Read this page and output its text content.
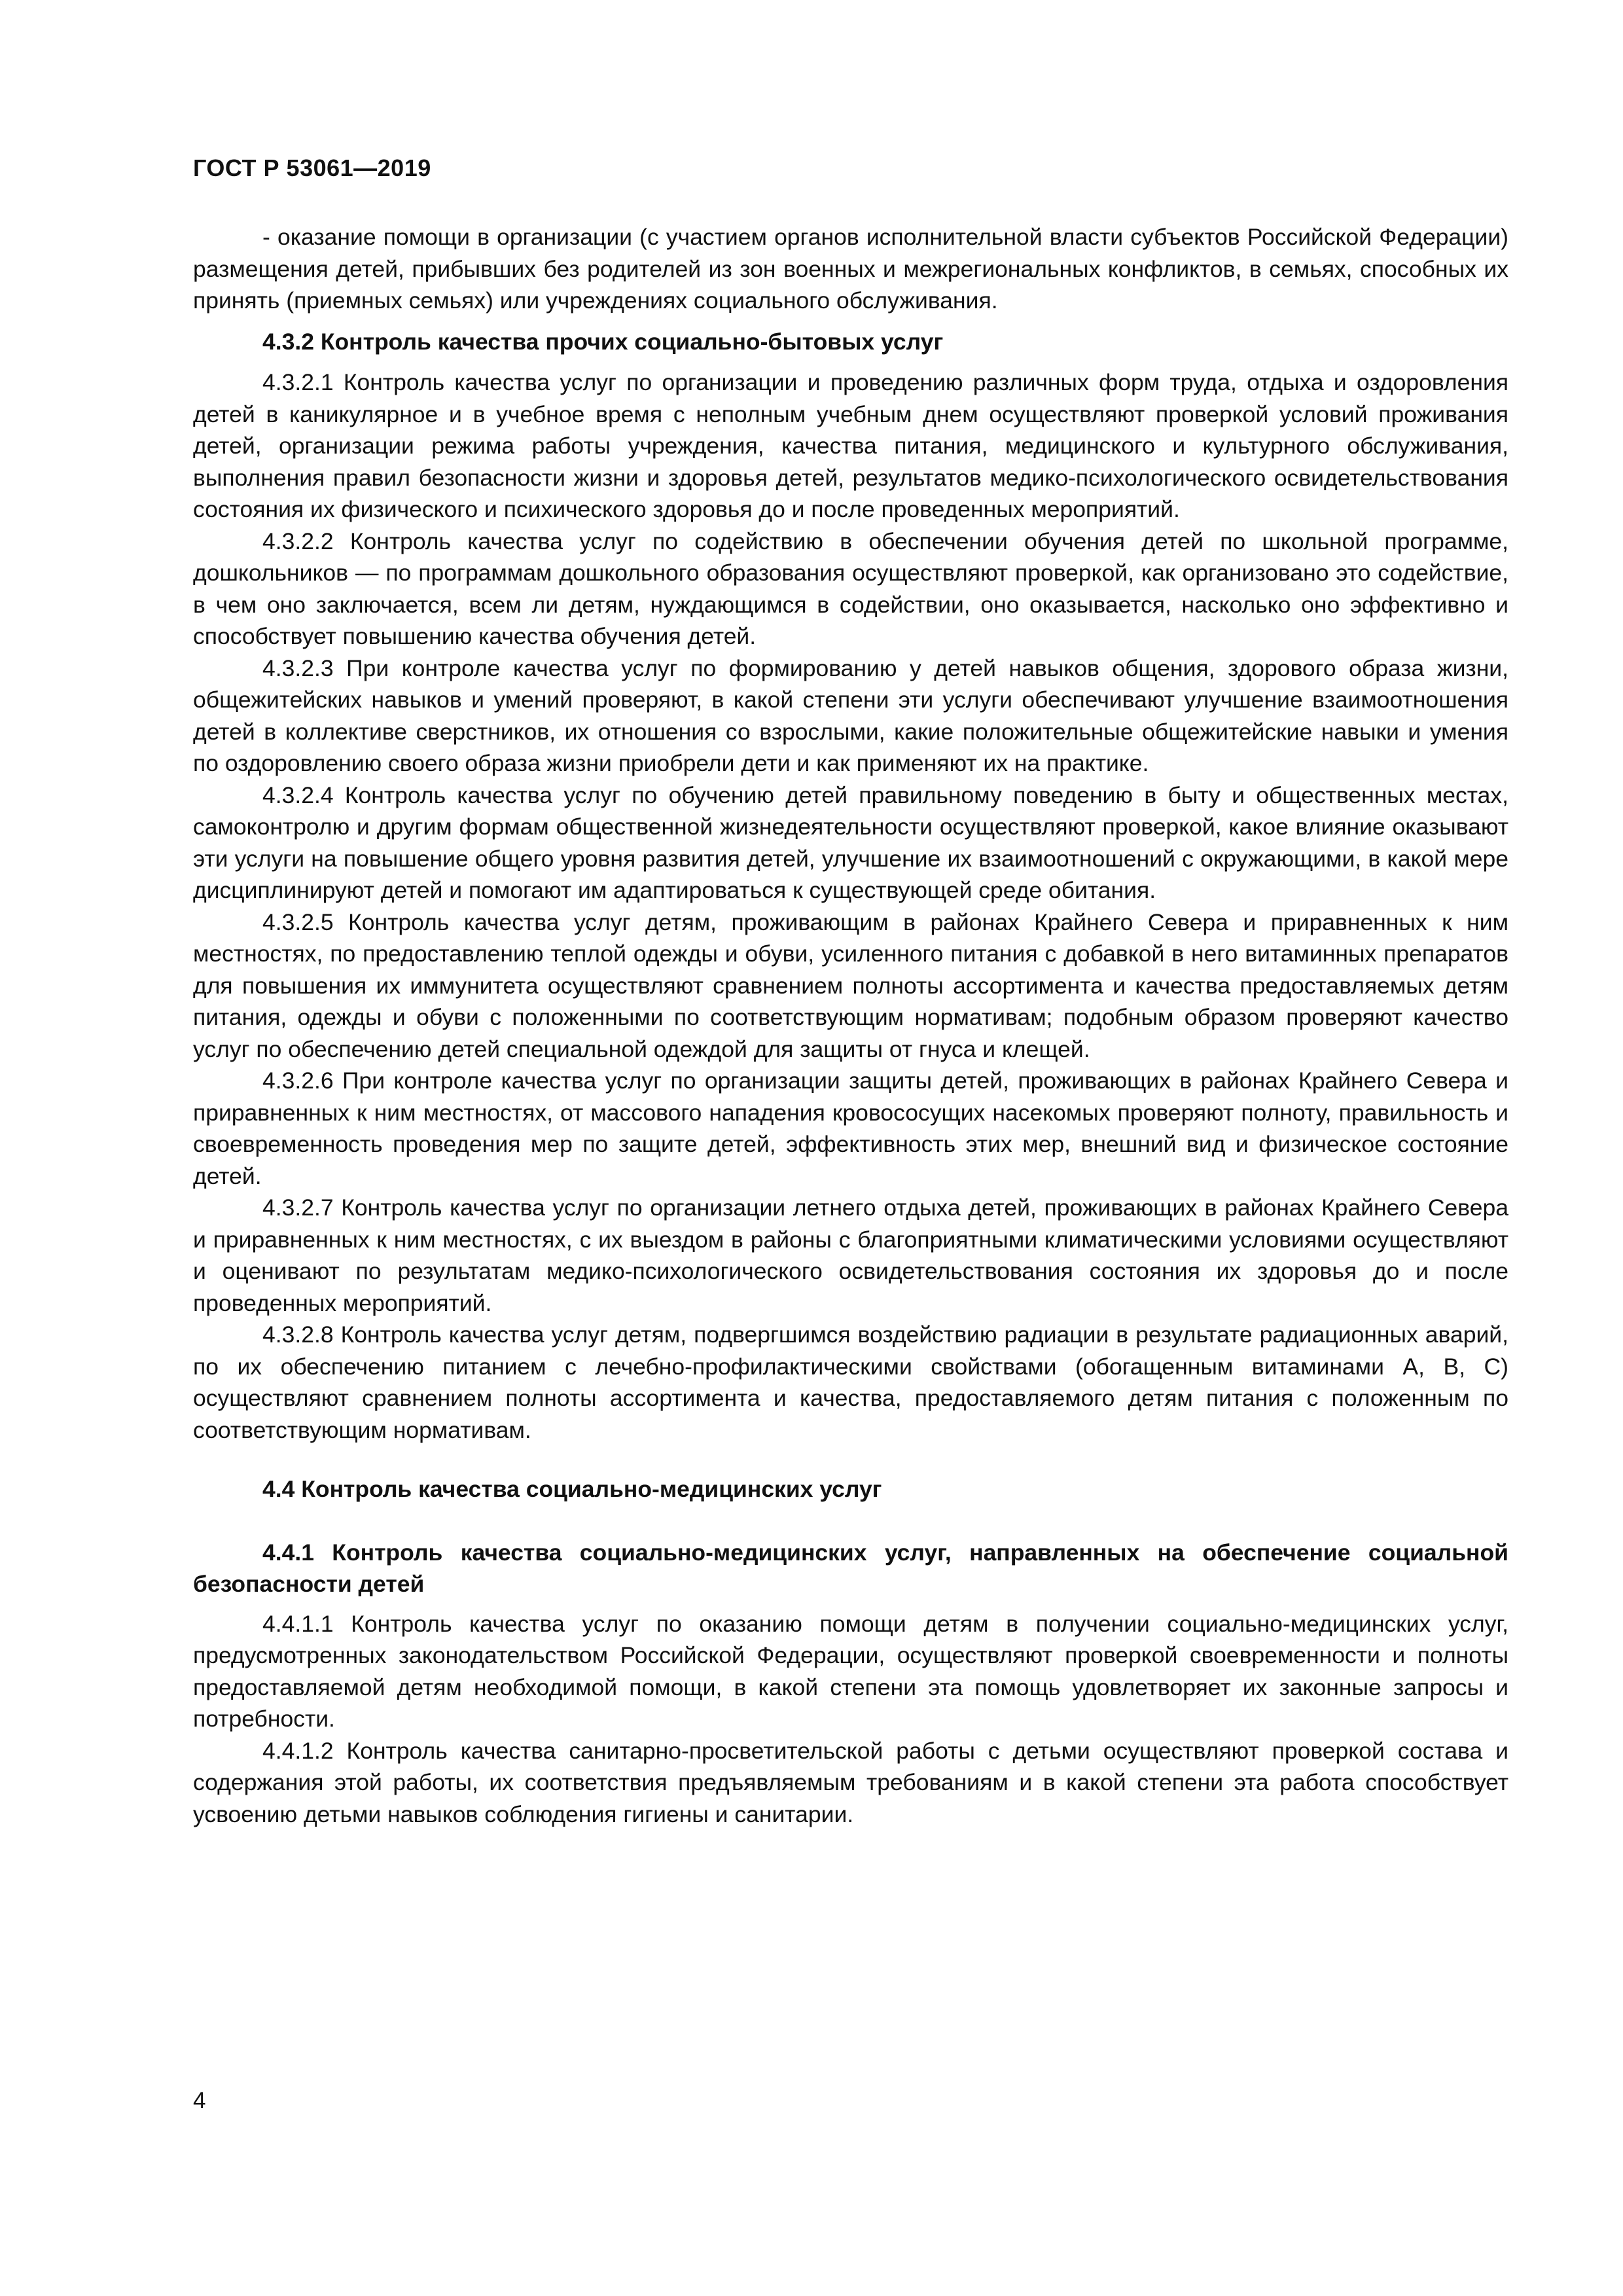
ГОСТ Р 53061—2019

- оказание помощи в организации (с участием органов исполнительной власти субъектов Российской Федерации) размещения детей, прибывших без родителей из зон военных и межрегиональных конфликтов, в семьях, способных их принять (приемных семьях) или учреждениях социального обслуживания.

4.3.2 Контроль качества прочих социально-бытовых услуг

4.3.2.1 Контроль качества услуг по организации и проведению различных форм труда, отдыха и оздоровления детей в каникулярное и в учебное время с неполным учебным днем осуществляют проверкой условий проживания детей, организации режима работы учреждения, качества питания, медицинского и культурного обслуживания, выполнения правил безопасности жизни и здоровья детей, результатов медико-психологического освидетельствования состояния их физического и психического здоровья до и после проведенных мероприятий.

4.3.2.2 Контроль качества услуг по содействию в обеспечении обучения детей по школьной программе, дошкольников — по программам дошкольного образования осуществляют проверкой, как организовано это содействие, в чем оно заключается, всем ли детям, нуждающимся в содействии, оно оказывается, насколько оно эффективно и способствует повышению качества обучения детей.

4.3.2.3 При контроле качества услуг по формированию у детей навыков общения, здорового образа жизни, общежитейских навыков и умений проверяют, в какой степени эти услуги обеспечивают улучшение взаимоотношения детей в коллективе сверстников, их отношения со взрослыми, какие положительные общежитейские навыки и умения по оздоровлению своего образа жизни приобрели дети и как применяют их на практике.

4.3.2.4 Контроль качества услуг по обучению детей правильному поведению в быту и общественных местах, самоконтролю и другим формам общественной жизнедеятельности осуществляют проверкой, какое влияние оказывают эти услуги на повышение общего уровня развития детей, улучшение их взаимоотношений с окружающими, в какой мере дисциплинируют детей и помогают им адаптироваться к существующей среде обитания.

4.3.2.5 Контроль качества услуг детям, проживающим в районах Крайнего Севера и приравненных к ним местностях, по предоставлению теплой одежды и обуви, усиленного питания с добавкой в него витаминных препаратов для повышения их иммунитета осуществляют сравнением полноты ассортимента и качества предоставляемых детям питания, одежды и обуви с положенными по соответствующим нормативам; подобным образом проверяют качество услуг по обеспечению детей специальной одеждой для защиты от гнуса и клещей.

4.3.2.6 При контроле качества услуг по организации защиты детей, проживающих в районах Крайнего Севера и приравненных к ним местностях, от массового нападения кровососущих насекомых проверяют полноту, правильность и своевременность проведения мер по защите детей, эффективность этих мер, внешний вид и физическое состояние детей.

4.3.2.7 Контроль качества услуг по организации летнего отдыха детей, проживающих в районах Крайнего Севера и приравненных к ним местностях, с их выездом в районы с благоприятными климатическими условиями осуществляют и оценивают по результатам медико-психологического освидетельствования состояния их здоровья до и после проведенных мероприятий.

4.3.2.8 Контроль качества услуг детям, подвергшимся воздействию радиации в результате радиационных аварий, по их обеспечению питанием с лечебно-профилактическими свойствами (обогащенным витаминами А, В, С) осуществляют сравнением полноты ассортимента и качества, предоставляемого детям питания с положенным по соответствующим нормативам.

4.4 Контроль качества социально-медицинских услуг

4.4.1 Контроль качества социально-медицинских услуг, направленных на обеспечение социальной безопасности детей

4.4.1.1 Контроль качества услуг по оказанию помощи детям в получении социально-медицинских услуг, предусмотренных законодательством Российской Федерации, осуществляют проверкой своевременности и полноты предоставляемой детям необходимой помощи, в какой степени эта помощь удовлетворяет их законные запросы и потребности.

4.4.1.2 Контроль качества санитарно-просветительской работы с детьми осуществляют проверкой состава и содержания этой работы, их соответствия предъявляемым требованиям и в какой степени эта работа способствует усвоению детьми навыков соблюдения гигиены и санитарии.

4
